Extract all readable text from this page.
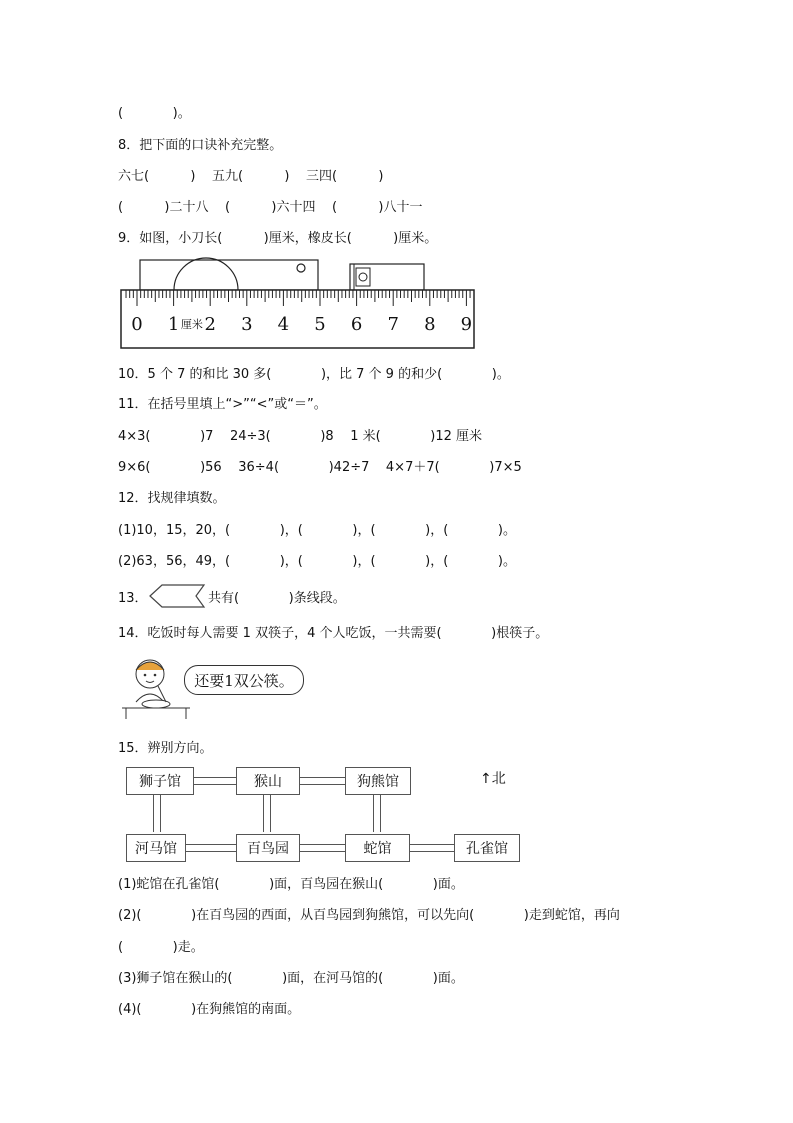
(            )。
8．把下面的口诀补充完整。
六七(          )    五九(          )    三四(          )
(          )二十八    (          )六十四    (          )八十一
9．如图，小刀长(          )厘米，橡皮长(          )厘米。
0 1 2 3 4 5 6 7 8 9
厘米
10．5 个 7 的和比 30 多(            )，比 7 个 9 的和少(            )。
11．在括号里填上“>”“<”或“＝”。
4×3(            )7    24÷3(            )8    1 米(            )12 厘米
9×6(            )56    36÷4(            )42÷7    4×7＋7(            )7×5
12．找规律填数。
(1)10，15，20，(            )，(            )，(            )，(            )。
(2)63，56，49，(            )，(            )，(            )，(            )。
13．	共有(            )条线段。
14．吃饭时每人需要 1 双筷子，4 个人吃饭，一共需要(            )根筷子。
还要1双公筷。
15．辨别方向。
狮子馆	猴山	狗熊馆
河马馆	百鸟园	蛇馆	孔雀馆
↑北
(1)蛇馆在孔雀馆(            )面，百鸟园在猴山(            )面。
(2)(            )在百鸟园的西面，从百鸟园到狗熊馆，可以先向(            )走到蛇馆，再向
(            )走。
(3)狮子馆在猴山的(            )面，在河马馆的(            )面。
(4)(            )在狗熊馆的南面。
